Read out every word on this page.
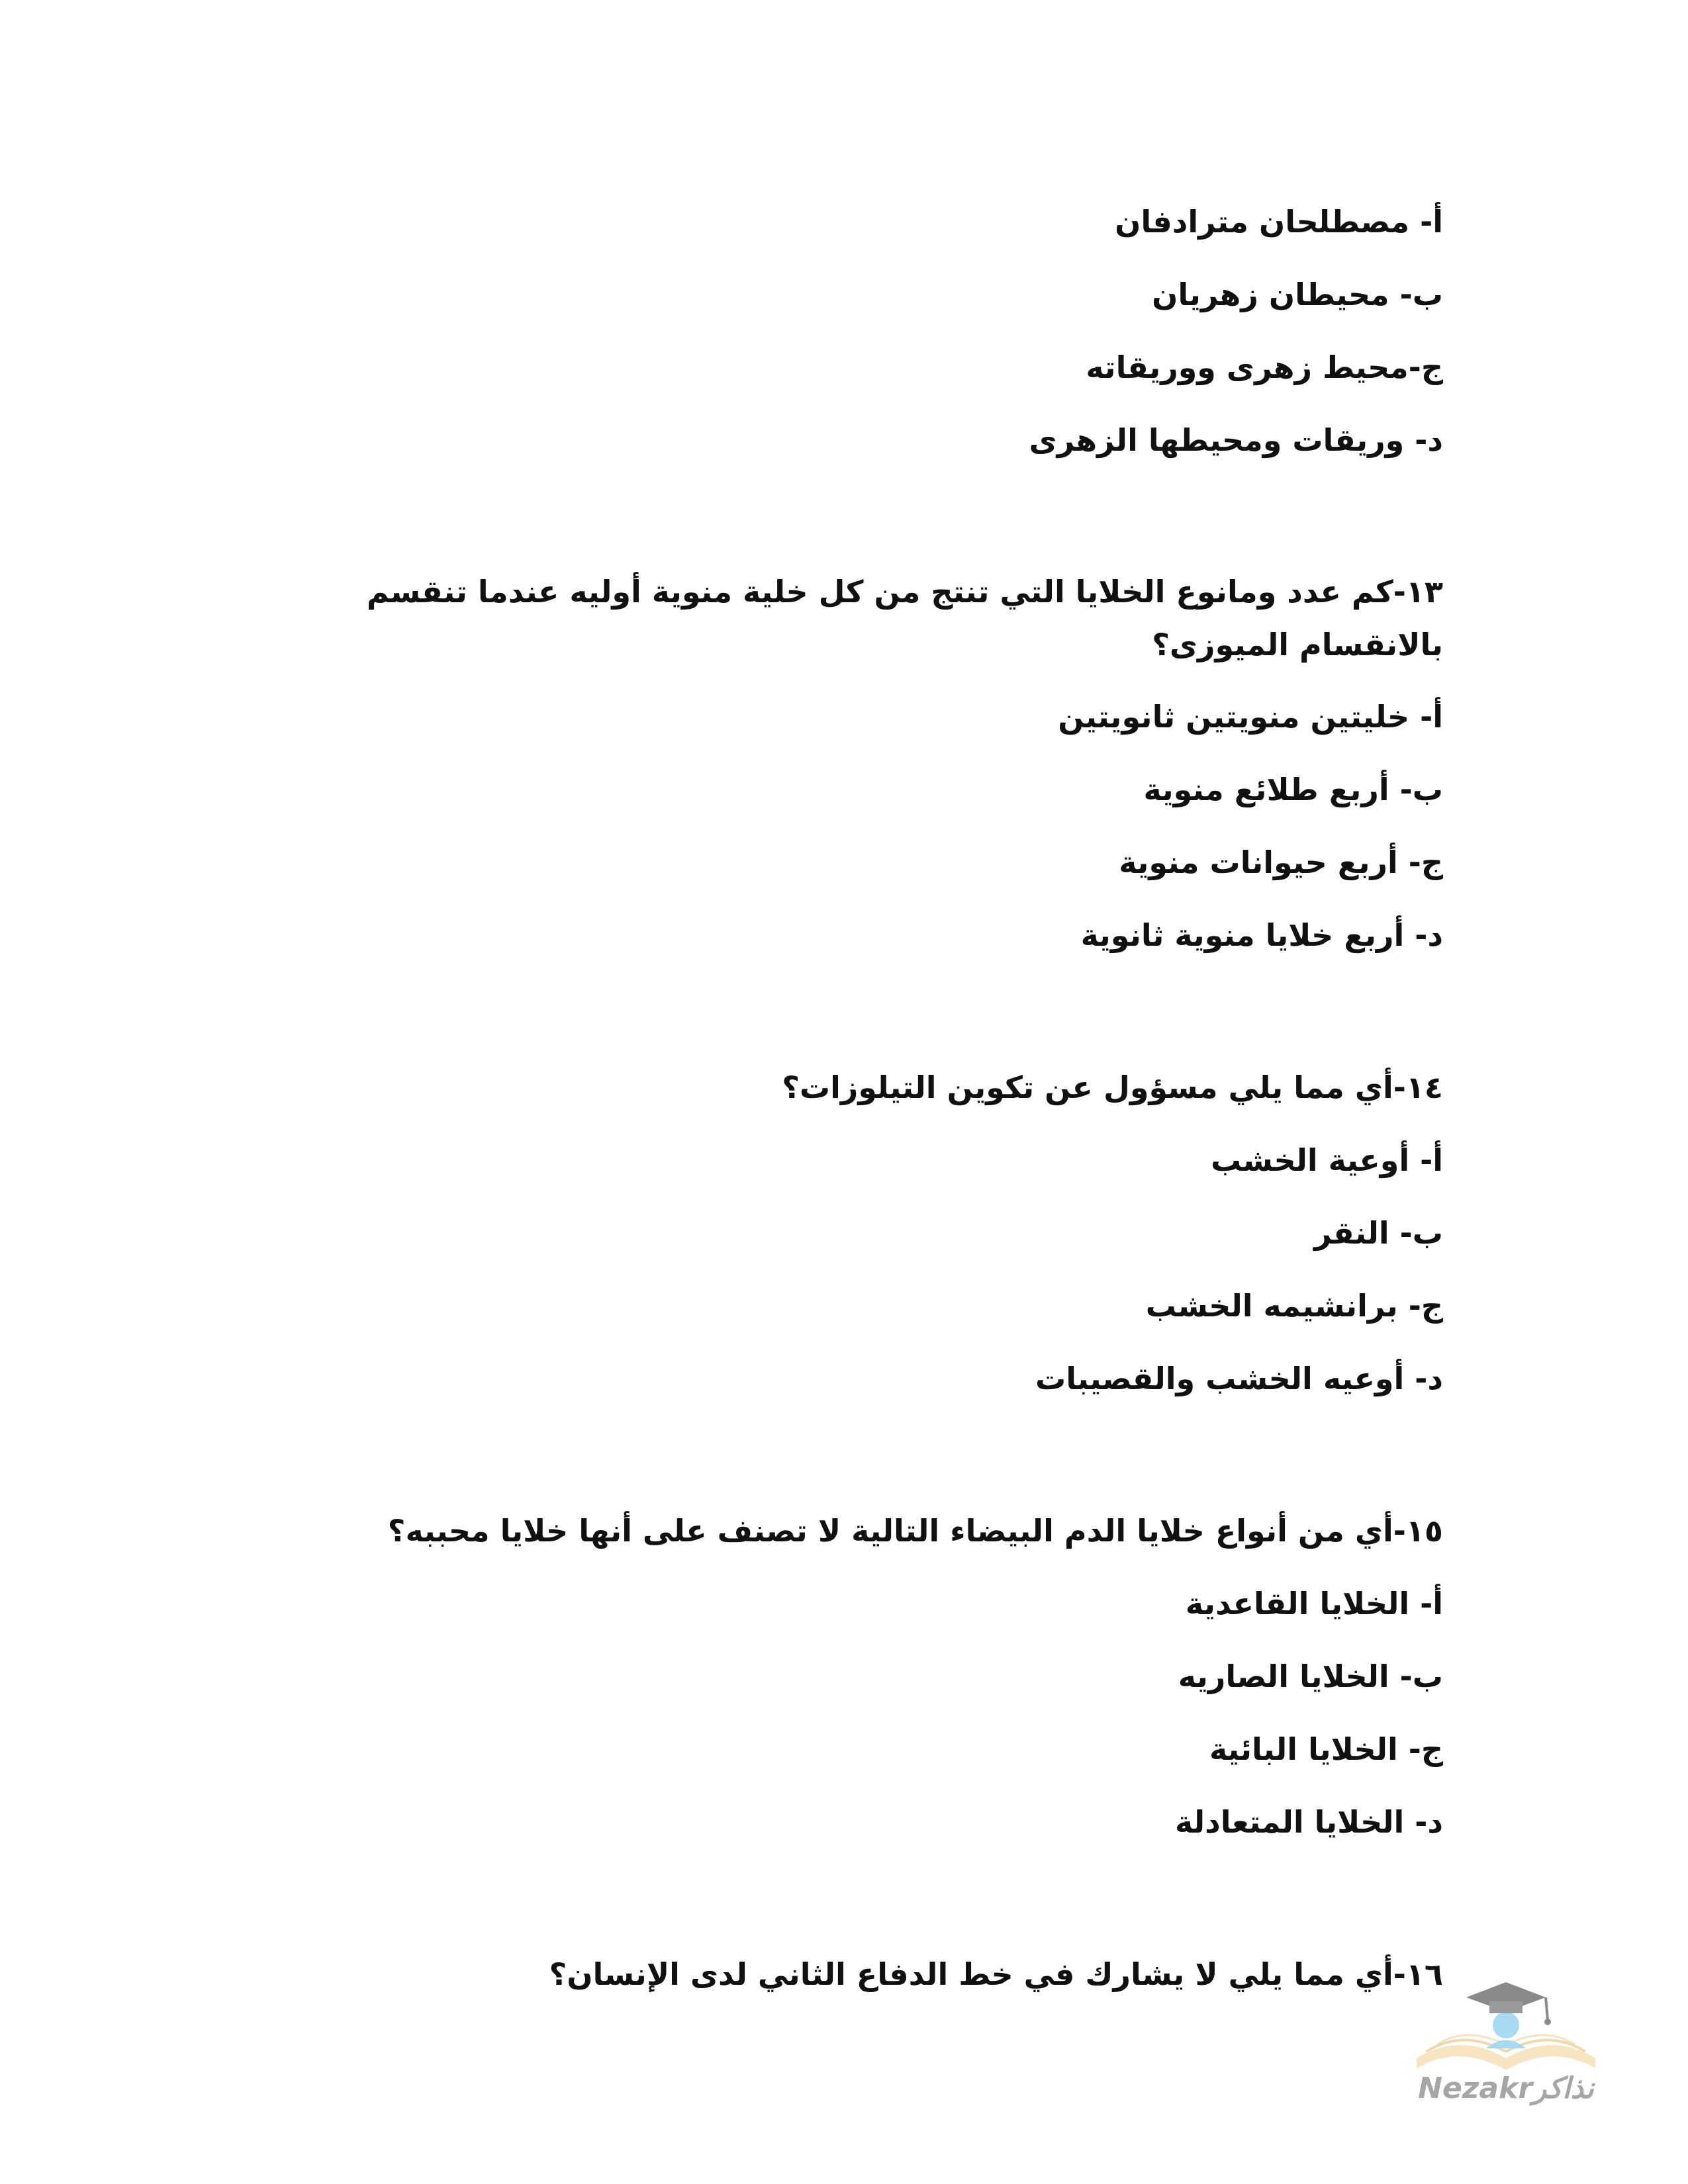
أ- مصطلحان مترادفان
ب- محيطان زهريان
ج-محيط زهرى ووريقاته
د- وريقات ومحيطها الزهرى
١٣-كم عدد ومانوع الخلايا التي تنتج من كل خلية منوية أوليه عندما تنقسم بالانقسام الميوزى؟
أ- خليتين منويتين ثانويتين
ب- أربع طلائع منوية
ج- أربع حيوانات منوية
د- أربع خلايا منوية ثانوية
١٤-أي مما يلي مسؤول عن تكوين التيلوزات؟
أ- أوعية الخشب
ب- النقر
ج- برانشيمه الخشب
د- أوعيه الخشب والقصيبات
١٥-أي من أنواع خلايا الدم البيضاء التالية لا تصنف على أنها خلايا محببه؟
أ- الخلايا القاعدية
ب- الخلايا الصاريه
ج- الخلايا البائية
د- الخلايا المتعادلة
١٦-أي مما يلي لا يشارك في خط الدفاع الثاني لدى الإنسان؟
Nezakrنذاكر
